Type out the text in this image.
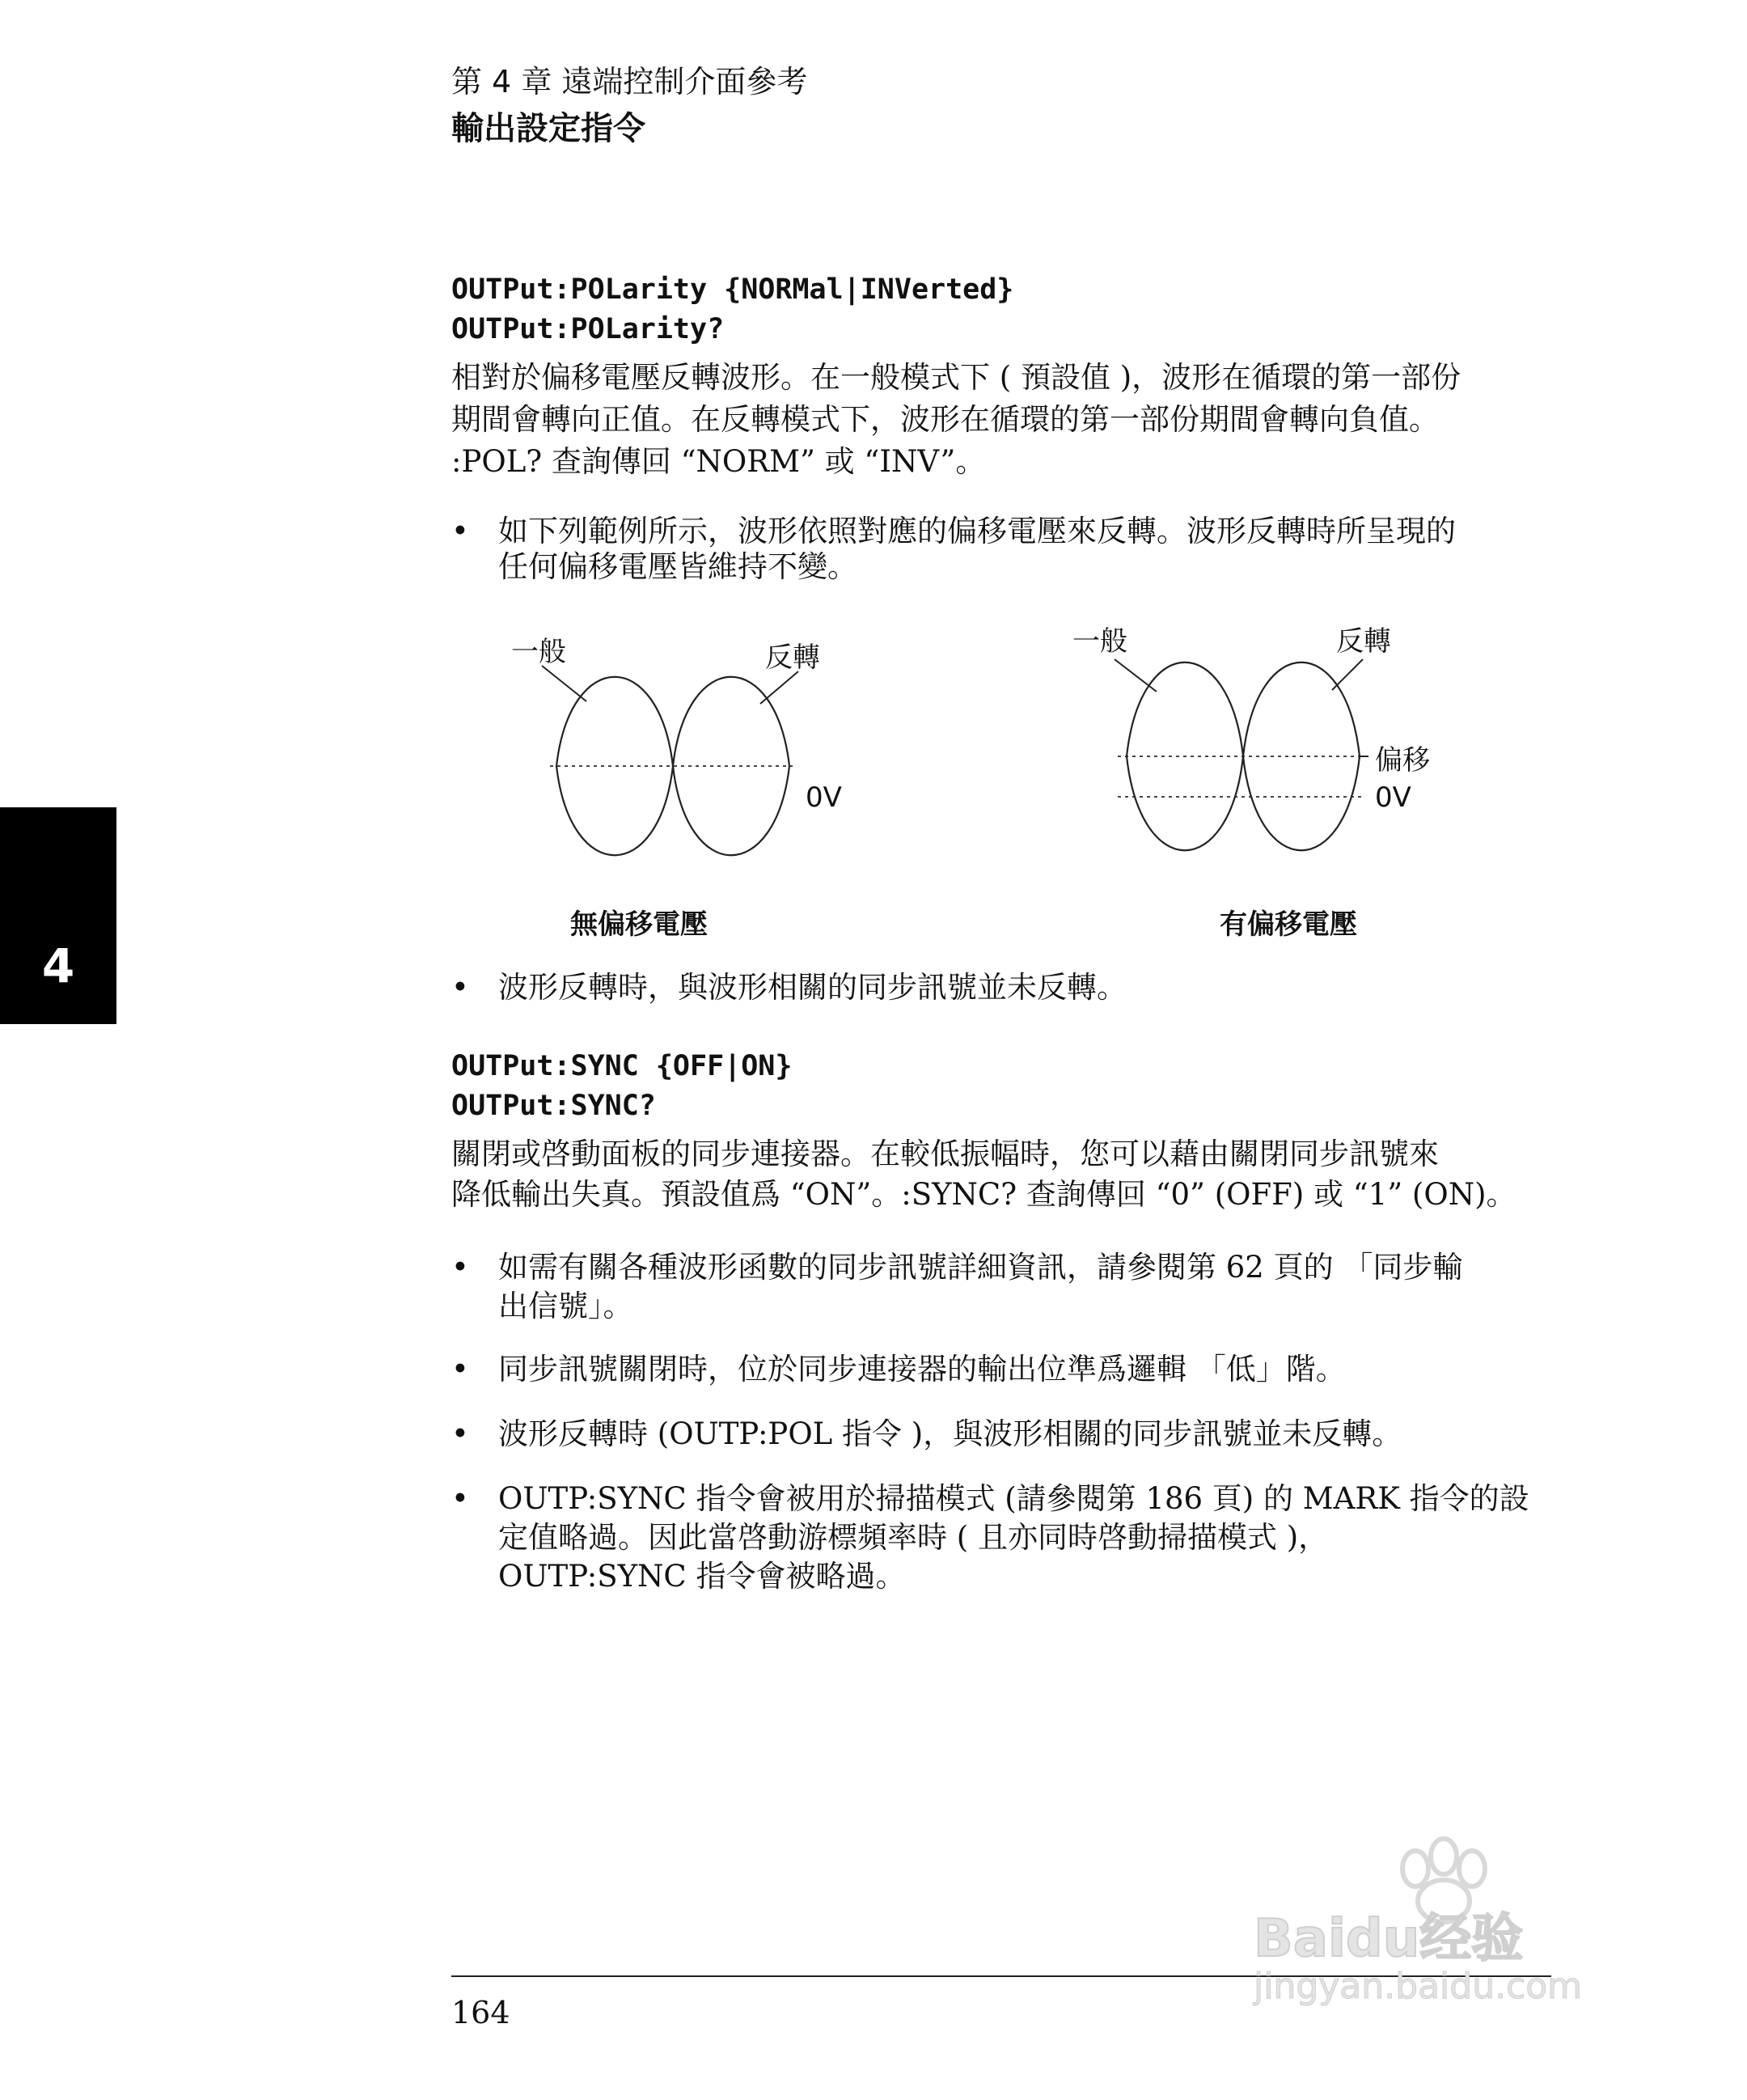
第 4 章 遠端控制介面參考
輸出設定指令
4
OUTPut:POLarity {NORMal|INVerted}
OUTPut:POLarity?
相對於偏移電壓反轉波形。在一般模式下 ( 預設值 )，波形在循環的第一部份
期間會轉向正值。在反轉模式下，波形在循環的第一部份期間會轉向負值。
:POL? 查詢傳回 “NORM” 或 “INV”。
• 如下列範例所示，波形依照對應的偏移電壓來反轉。波形反轉時所呈現的
任何偏移電壓皆維持不變。
一般	反轉
0V
無偏移電壓
一般	反轉
偏移
0V
有偏移電壓
• 波形反轉時，與波形相關的同步訊號並未反轉。
OUTPut:SYNC {OFF|ON}
OUTPut:SYNC?
關閉或啓動面板的同步連接器。在較低振幅時，您可以藉由關閉同步訊號來
降低輸出失真。預設值爲 “ON”。:SYNC? 查詢傳回 “0” (OFF) 或 “1” (ON)。
• 如需有關各種波形函數的同步訊號詳細資訊，請參閱第 62 頁的 「同步輸
出信號」。
• 同步訊號關閉時，位於同步連接器的輸出位準爲邏輯 「低」階。
• 波形反轉時 (OUTP:POL 指令 )，與波形相關的同步訊號並未反轉。
• OUTP:SYNC 指令會被用於掃描模式 (請參閱第 186 頁) 的 MARK 指令的設
定值略過。因此當啓動游標頻率時 ( 且亦同時啓動掃描模式 )，
OUTP:SYNC 指令會被略過。
164
Baidu经验
jingyan.baidu.com
